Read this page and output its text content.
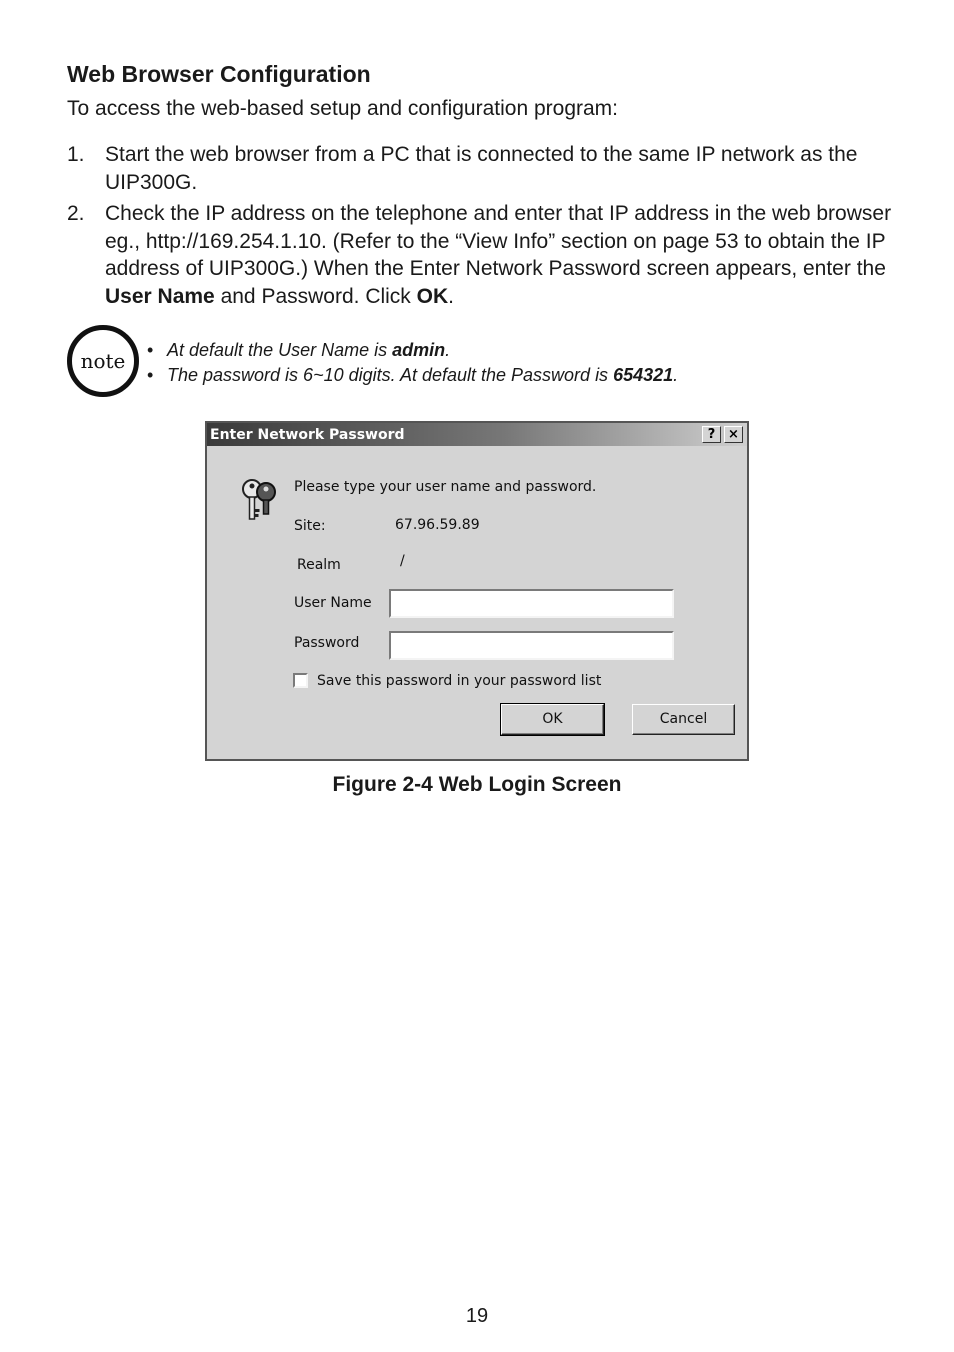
Web Browser Configuration
To access the web-based setup and configuration program:
1. Start the web browser from a PC that is connected to the same IP network as the UIP300G.
2. Check the IP address on the telephone and enter that IP address in the web browser eg., http://169.254.1.10. (Refer to the “View Info” section on page 53 to obtain the IP address of UIP300G.) When the Enter Network Password screen appears, enter the User Name and Password. Click OK.
note	• At default the User Name is admin.
• The password is 6~10 digits. At default the Password is 654321.
Enter Network Password	? ×
Please type your user name and password.
Site:	67.96.59.89
Realm	/
User Name
Password
Save this password in your password list
OK	Cancel
Figure 2-4 Web Login Screen
19
